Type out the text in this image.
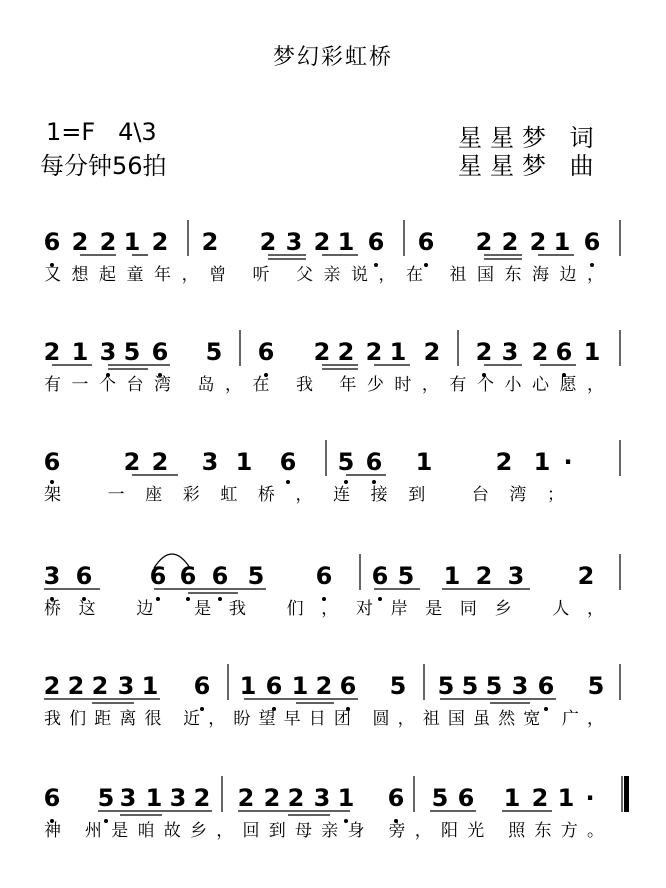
梦幻彩虹桥
1=F   4\3
每分钟56拍
星星梦 词
星星梦 曲
6 2 2 1 2 2 2 3 2 1 6 6 2 2 2 1 6
又想起童年，曾 听 父亲说，在 祖国东海边，
2 1 3 5 6 5 6 2 2 2 1 2 2 3 2 6 1
有一个台湾 岛，在 我 年少时，有个小心愿，
6	2 2 3 1 6 5 6 1	2 1 ·
架 一座彩虹桥，连接到 台湾；
3 6 6 6 6 5 6 6 5 1 2 3 2
桥这 边 是我 们，对岸是同乡 人，
2 2 2 3 1 6 1 6 1 2 6 5 5 5 5 3 6 5
我们距离很 近，盼望早日团 圆，祖国虽然宽 广，
6 5 3 1 3 2 2 2 2 3 1 6 5 6 1 2 1 ·
神 州是咱故乡，回到母亲身 旁，阳光 照东方。
